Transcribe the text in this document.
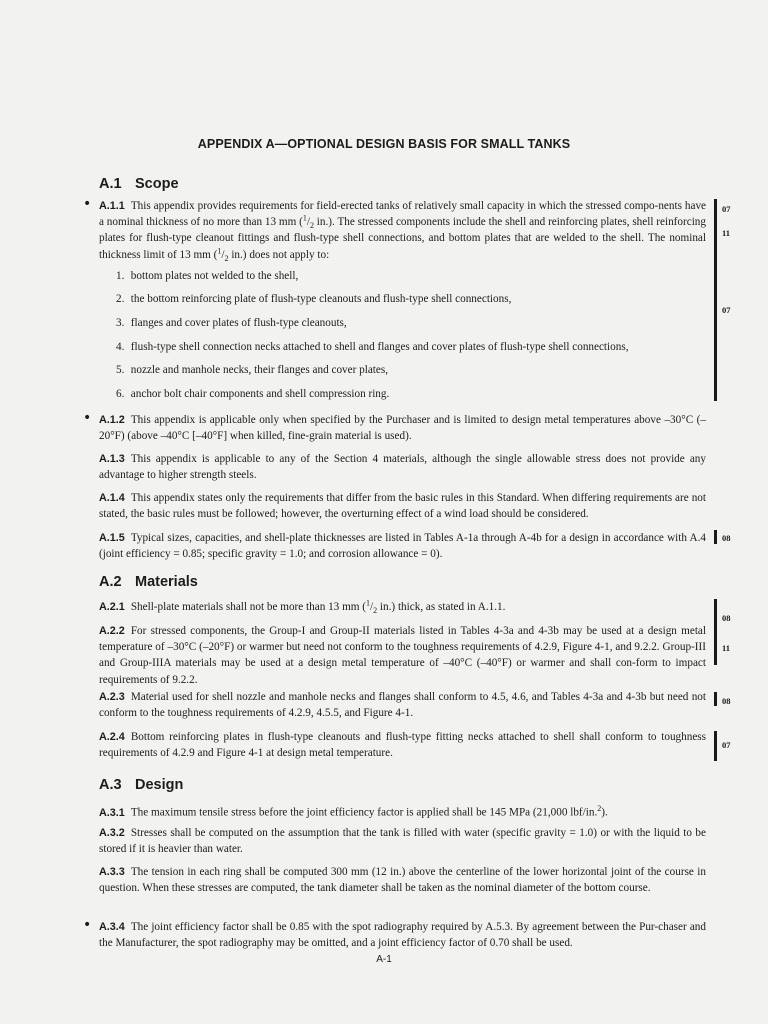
APPENDIX A—OPTIONAL DESIGN BASIS FOR SMALL TANKS
A.1 Scope
• A.1.1 This appendix provides requirements for field-erected tanks of relatively small capacity in which the stressed compo-nents have a nominal thickness of no more than 13 mm ($^1/_2$ in.). The stressed components include the shell and reinforcing plates, shell reinforcing plates for flush-type cleanout fittings and flush-type shell connections, and bottom plates that are welded to the shell. The nominal thickness limit of 13 mm ($^1/_2$ in.) does not apply to:
1. bottom plates not welded to the shell,
2. the bottom reinforcing plate of flush-type cleanouts and flush-type shell connections,
3. flanges and cover plates of flush-type cleanouts,
4. flush-type shell connection necks attached to shell and flanges and cover plates of flush-type shell connections,
5. nozzle and manhole necks, their flanges and cover plates,
6. anchor bolt chair components and shell compression ring.
• A.1.2 This appendix is applicable only when specified by the Purchaser and is limited to design metal temperatures above –30°C (–20°F) (above –40°C [–40°F] when killed, fine-grain material is used).
A.1.3 This appendix is applicable to any of the Section 4 materials, although the single allowable stress does not provide any advantage to higher strength steels.
A.1.4 This appendix states only the requirements that differ from the basic rules in this Standard. When differing requirements are not stated, the basic rules must be followed; however, the overturning effect of a wind load should be considered.
A.1.5 Typical sizes, capacities, and shell-plate thicknesses are listed in Tables A-1a through A-4b for a design in accordance with A.4 (joint efficiency = 0.85; specific gravity = 1.0; and corrosion allowance = 0).
A.2 Materials
A.2.1 Shell-plate materials shall not be more than 13 mm ($^1/_2$ in.) thick, as stated in A.1.1.
A.2.2 For stressed components, the Group-I and Group-II materials listed in Tables 4-3a and 4-3b may be used at a design metal temperature of –30°C (–20°F) or warmer but need not conform to the toughness requirements of 4.2.9, Figure 4-1, and 9.2.2. Group-III and Group-IIIA materials may be used at a design metal temperature of –40°C (–40°F) or warmer and shall con-form to impact requirements of 9.2.2.
A.2.3 Material used for shell nozzle and manhole necks and flanges shall conform to 4.5, 4.6, and Tables 4-3a and 4-3b but need not conform to the toughness requirements of 4.2.9, 4.5.5, and Figure 4-1.
A.2.4 Bottom reinforcing plates in flush-type cleanouts and flush-type fitting necks attached to shell shall conform to toughness requirements of 4.2.9 and Figure 4-1 at design metal temperature.
A.3 Design
A.3.1 The maximum tensile stress before the joint efficiency factor is applied shall be 145 MPa (21,000 lbf/in.$^2$).
A.3.2 Stresses shall be computed on the assumption that the tank is filled with water (specific gravity = 1.0) or with the liquid to be stored if it is heavier than water.
A.3.3 The tension in each ring shall be computed 300 mm (12 in.) above the centerline of the lower horizontal joint of the course in question. When these stresses are computed, the tank diameter shall be taken as the nominal diameter of the bottom course.
• A.3.4 The joint efficiency factor shall be 0.85 with the spot radiography required by A.5.3. By agreement between the Pur-chaser and the Manufacturer, the spot radiography may be omitted, and a joint efficiency factor of 0.70 shall be used.
07
11
07
08
08
11
08
07
A-1
